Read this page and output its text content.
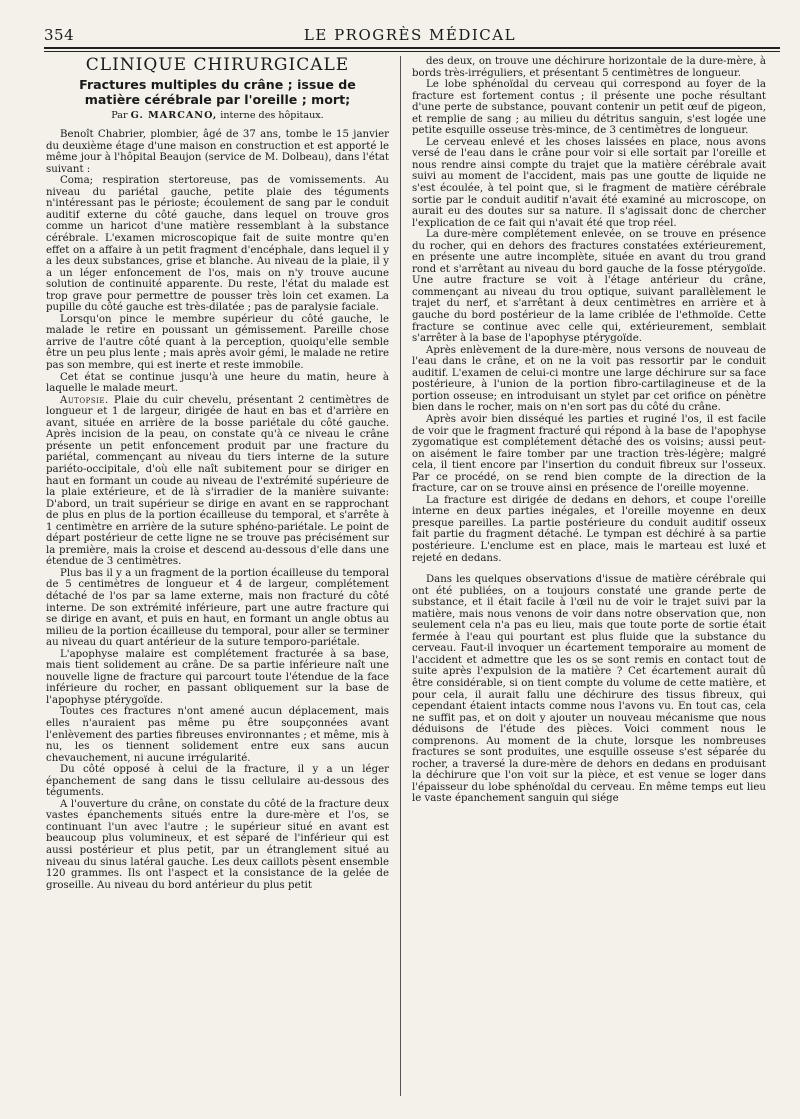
354	LE PROGRÈS MÉDICAL
CLINIQUE CHIRURGICALE
Fractures multiples du crâne ; issue de matière cérébrale par l'oreille ; mort;
Par G. MARCANO, interne des hôpitaux.

Benoît Chabrier, plombier, âgé de 37 ans, tombe le 15 janvier du deuxième étage d'une maison en construction et est apporté le même jour à l'hôpital Beaujon (service de M. Dolbeau), dans l'état suivant :

Coma; respiration stertoreuse, pas de vomissements. Au niveau du pariétal gauche, petite plaie des téguments n'intéressant pas le périoste; écoulement de sang par le conduit auditif externe du côté gauche, dans lequel on trouve gros comme un haricot d'une matière ressemblant à la substance cérébrale. L'examen microscopique fait de suite montre qu'en effet on a affaire à un petit fragment d'encéphale, dans lequel il y a les deux substances, grise et blanche. Au niveau de la plaie, il y a un léger enfoncement de l'os, mais on n'y trouve aucune solution de continuité apparente. Du reste, l'état du malade est trop grave pour permettre de pousser très loin cet examen. La pupille du côté gauche est très-dilatée ; pas de paralysie faciale.

Lorsqu'on pince le membre supérieur du côté gauche, le malade le retire en poussant un gémissement. Pareille chose arrive de l'autre côté quant à la perception, quoiqu'elle semble être un peu plus lente ; mais après avoir gémi, le malade ne retire pas son membre, qui est inerte et reste immobile.

Cet état se continue jusqu'à une heure du matin, heure à laquelle le malade meurt.

Autopsie. Plaie du cuir chevelu, présentant 2 centimètres de longueur et 1 de largeur, dirigée de haut en bas et d'arrière en avant, située en arrière de la bosse pariétale du côté gauche. Après incision de la peau, on constate qu'à ce niveau le crâne présente un petit enfoncement produit par une fracture du pariétal, commençant au niveau du tiers interne de la suture pariéto-occipitale, d'où elle naît subitement pour se diriger en haut en formant un coude au niveau de l'extrémité supérieure de la plaie extérieure, et de là s'irradier de la manière suivante: D'abord, un trait supérieur se dirige en avant en se rapprochant de plus en plus de la portion écailleuse du temporal, et s'arrête à 1 centimètre en arrière de la suture sphéno-pariétale. Le point de départ postérieur de cette ligne ne se trouve pas précisément sur la première, mais la croise et descend au-dessous d'elle dans une étendue de 3 centimètres.

Plus bas il y a un fragment de la portion écailleuse du temporal de 5 centimètres de longueur et 4 de largeur, complétement détaché de l'os par sa lame externe, mais non fracturé du côté interne. De son extrémité inférieure, part une autre fracture qui se dirige en avant, et puis en haut, en formant un angle obtus au milieu de la portion écailleuse du temporal, pour aller se terminer au niveau du quart antérieur de la suture temporo-pariétale.

L'apophyse malaire est complétement fracturée à sa base, mais tient solidement au crâne. De sa partie inférieure naît une nouvelle ligne de fracture qui parcourt toute l'étendue de la face inférieure du rocher, en passant obliquement sur la base de l'apophyse ptérygoïde.

Toutes ces fractures n'ont amené aucun déplacement, mais elles n'auraient pas même pu être soupçonnées avant l'enlèvement des parties fibreuses environnantes ; et même, mis à nu, les os tiennent solidement entre eux sans aucun chevauchement, ni aucune irrégularité.

Du côté opposé à celui de la fracture, il y a un léger épanchement de sang dans le tissu cellulaire au-dessous des téguments.

A l'ouverture du crâne, on constate du côté de la fracture deux vastes épanchements situés entre la dure-mère et l'os, se continuant l'un avec l'autre ; le supérieur situé en avant est beaucoup plus volumineux, et est séparé de l'inférieur qui est aussi postérieur et plus petit, par un étranglement situé au niveau du sinus latéral gauche. Les deux caillots pèsent ensemble 120 grammes. Ils ont l'aspect et la consistance de la gelée de groseille. Au niveau du bord antérieur du plus petit

des deux, on trouve une déchirure horizontale de la dure-mère, à bords très-irréguliers, et présentant 5 centimètres de longueur.

Le lobe sphénoïdal du cerveau qui correspond au foyer de la fracture est fortement contus ; il présente une poche résultant d'une perte de substance, pouvant contenir un petit œuf de pigeon, et remplie de sang ; au milieu du détritus sanguin, s'est logée une petite esquille osseuse très-mince, de 3 centimètres de longueur.

Le cerveau enlevé et les choses laissées en place, nous avons versé de l'eau dans le crâne pour voir si elle sortait par l'oreille et nous rendre ainsi compte du trajet que la matière cérébrale avait suivi au moment de l'accident, mais pas une goutte de liquide ne s'est écoulée, à tel point que, si le fragment de matière cérébrale sortie par le conduit auditif n'avait été examiné au microscope, on aurait eu des doutes sur sa nature. Il s'agissait donc de chercher l'explication de ce fait qui n'avait été que trop réel.

La dure-mère complétement enlevée, on se trouve en présence du rocher, qui en dehors des fractures constatées extérieurement, en présente une autre incomplète, située en avant du trou grand rond et s'arrêtant au niveau du bord gauche de la fosse ptérygoïde. Une autre fracture se voit à l'étage antérieur du crâne, commençant au niveau du trou optique, suivant parallèlement le trajet du nerf, et s'arrêtant à deux centimètres en arrière et à gauche du bord postérieur de la lame criblée de l'ethmoïde. Cette fracture se continue avec celle qui, extérieurement, semblait s'arrêter à la base de l'apophyse ptérygoïde.

Après enlèvement de la dure-mère, nous versons de nouveau de l'eau dans le crâne, et on ne la voit pas ressortir par le conduit auditif. L'examen de celui-ci montre une large déchirure sur sa face postérieure, à l'union de la portion fibro-cartilagineuse et de la portion osseuse; en introduisant un stylet par cet orifice on pénètre bien dans le rocher, mais on n'en sort pas du côté du crâne.

Après avoir bien disséqué les parties et ruginé l'os, il est facile de voir que le fragment fracturé qui répond à la base de l'apophyse zygomatique est complétement détaché des os voisins; aussi peut-on aisément le faire tomber par une traction très-légère; malgré cela, il tient encore par l'insertion du conduit fibreux sur l'osseux. Par ce procédé, on se rend bien compte de la direction de la fracture, car on se trouve ainsi en présence de l'oreille moyenne.

La fracture est dirigée de dedans en dehors, et coupe l'oreille interne en deux parties inégales, et l'oreille moyenne en deux presque pareilles. La partie postérieure du conduit auditif osseux fait partie du fragment détaché. Le tympan est déchiré à sa partie postérieure. L'enclume est en place, mais le marteau est luxé et rejeté en dedans.

Dans les quelques observations d'issue de matière cérébrale qui ont été publiées, on a toujours constaté une grande perte de substance, et il était facile à l'œil nu de voir le trajet suivi par la matière, mais nous venons de voir dans notre observation que, non seulement cela n'a pas eu lieu, mais que toute porte de sortie était fermée à l'eau qui pourtant est plus fluide que la substance du cerveau. Faut-il invoquer un écartement temporaire au moment de l'accident et admettre que les os se sont remis en contact tout de suite après l'expulsion de la matière ? Cet écartement aurait dû être considérable, si on tient compte du volume de cette matière, et pour cela, il aurait fallu une déchirure des tissus fibreux, qui cependant étaient intacts comme nous l'avons vu. En tout cas, cela ne suffit pas, et on doit y ajouter un nouveau mécanisme que nous déduisons de l'étude des pièces. Voici comment nous le comprenons. Au moment de la chute, lorsque les nombreuses fractures se sont produites, une esquille osseuse s'est séparée du rocher, a traversé la dure-mère de dehors en dedans en produisant la déchirure que l'on voit sur la pièce, et est venue se loger dans l'épaisseur du lobe sphénoïdal du cerveau. En même temps eut lieu le vaste épanchement sanguin qui siége
